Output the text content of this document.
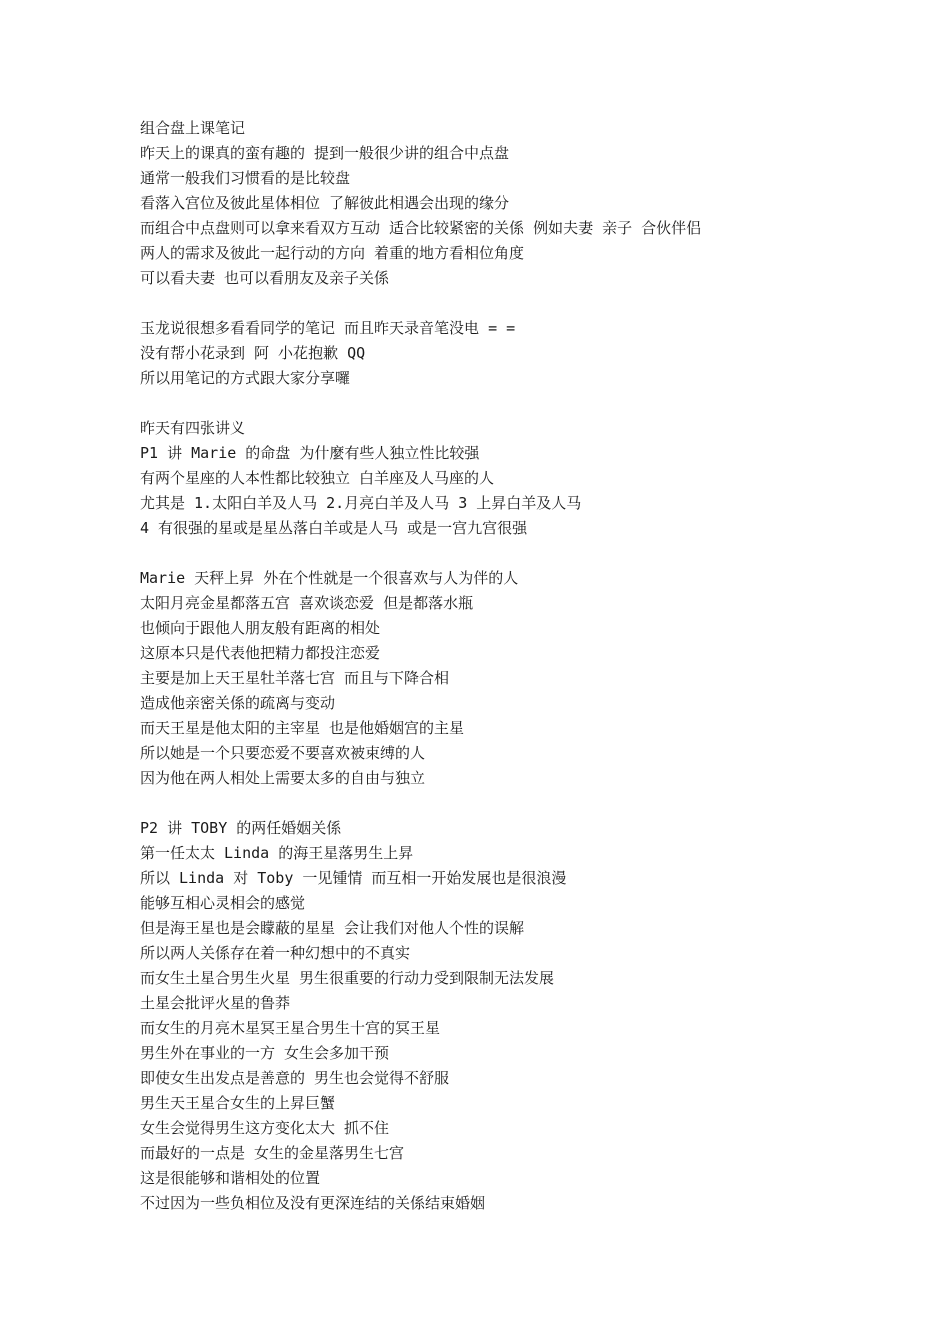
组合盘上课笔记
昨天上的课真的蛮有趣的 提到一般很少讲的组合中点盘
通常一般我们习惯看的是比较盘
看落入宫位及彼此星体相位 了解彼此相遇会出现的缘分
而组合中点盘则可以拿来看双方互动 适合比较紧密的关係 例如夫妻 亲子 合伙伴侣
两人的需求及彼此一起行动的方向 着重的地方看相位角度
可以看夫妻 也可以看朋友及亲子关係
玉龙说很想多看看同学的笔记 而且昨天录音笔没电 = =
没有帮小花录到 阿 小花抱歉 QQ
所以用笔记的方式跟大家分享囉
昨天有四张讲义
P1 讲 Marie 的命盘 为什麼有些人独立性比较强
有两个星座的人本性都比较独立 白羊座及人马座的人
尤其是 1.太阳白羊及人马 2.月亮白羊及人马 3 上昇白羊及人马
4 有很强的星或是星丛落白羊或是人马 或是一宫九宫很强
Marie 天秤上昇 外在个性就是一个很喜欢与人为伴的人
太阳月亮金星都落五宫 喜欢谈恋爱 但是都落水瓶
也倾向于跟他人朋友般有距离的相处
这原本只是代表他把精力都投注恋爱
主要是加上天王星牡羊落七宫 而且与下降合相
造成他亲密关係的疏离与变动
而天王星是他太阳的主宰星 也是他婚姻宫的主星
所以她是一个只要恋爱不要喜欢被束缚的人
因为他在两人相处上需要太多的自由与独立
P2 讲 TOBY 的两任婚姻关係
第一任太太 Linda 的海王星落男生上昇
所以 Linda 对 Toby 一见锺情 而互相一开始发展也是很浪漫
能够互相心灵相会的感觉
但是海王星也是会矇蔽的星星 会让我们对他人个性的误解
所以两人关係存在着一种幻想中的不真实
而女生土星合男生火星 男生很重要的行动力受到限制无法发展
土星会批评火星的鲁莽
而女生的月亮木星冥王星合男生十宫的冥王星
男生外在事业的一方 女生会多加干预
即使女生出发点是善意的 男生也会觉得不舒服
男生天王星合女生的上昇巨蟹
女生会觉得男生这方变化太大 抓不住
而最好的一点是 女生的金星落男生七宫
这是很能够和谐相处的位置
不过因为一些负相位及没有更深连结的关係结束婚姻
